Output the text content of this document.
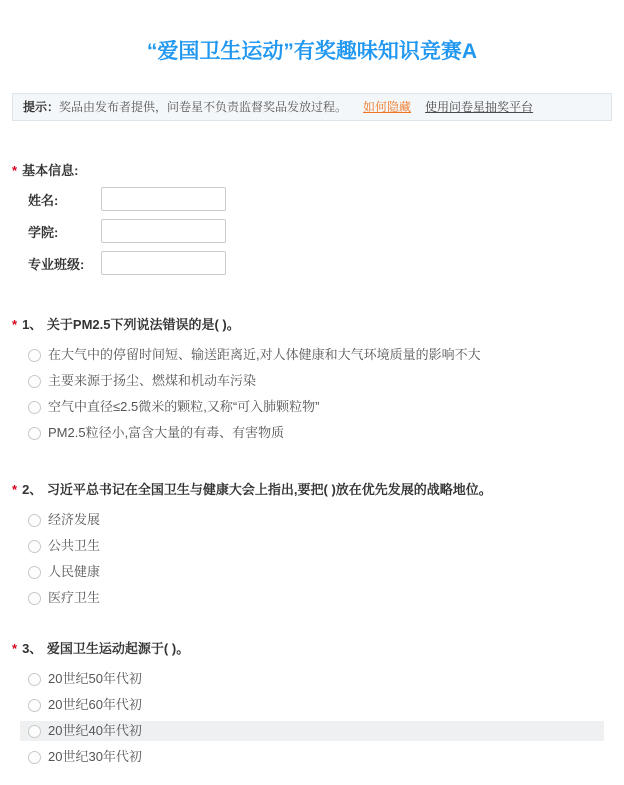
“爱国卫生运动”有奖趣味知识竞赛A
提示：奖品由发布者提供，问卷星不负责监督奖品发放过程。 如何隐藏 使用问卷星抽奖平台
* 基本信息:
姓名:
学院:
专业班级:
* 1、 关于PM2.5下列说法错误的是( )。
在大气中的停留时间短、输送距离近,对人体健康和大气环境质量的影响不大
主要来源于扬尘、燃煤和机动车污染
空气中直径≤2.5微米的颗粒,又称“可入肺颗粒物”
PM2.5粒径小,富含大量的有毒、有害物质
* 2、 习近平总书记在全国卫生与健康大会上指出,要把( )放在优先发展的战略地位。
经济发展
公共卫生
人民健康
医疗卫生
* 3、 爱国卫生运动起源于( )。
20世纪50年代初
20世纪60年代初
20世纪40年代初
20世纪30年代初
